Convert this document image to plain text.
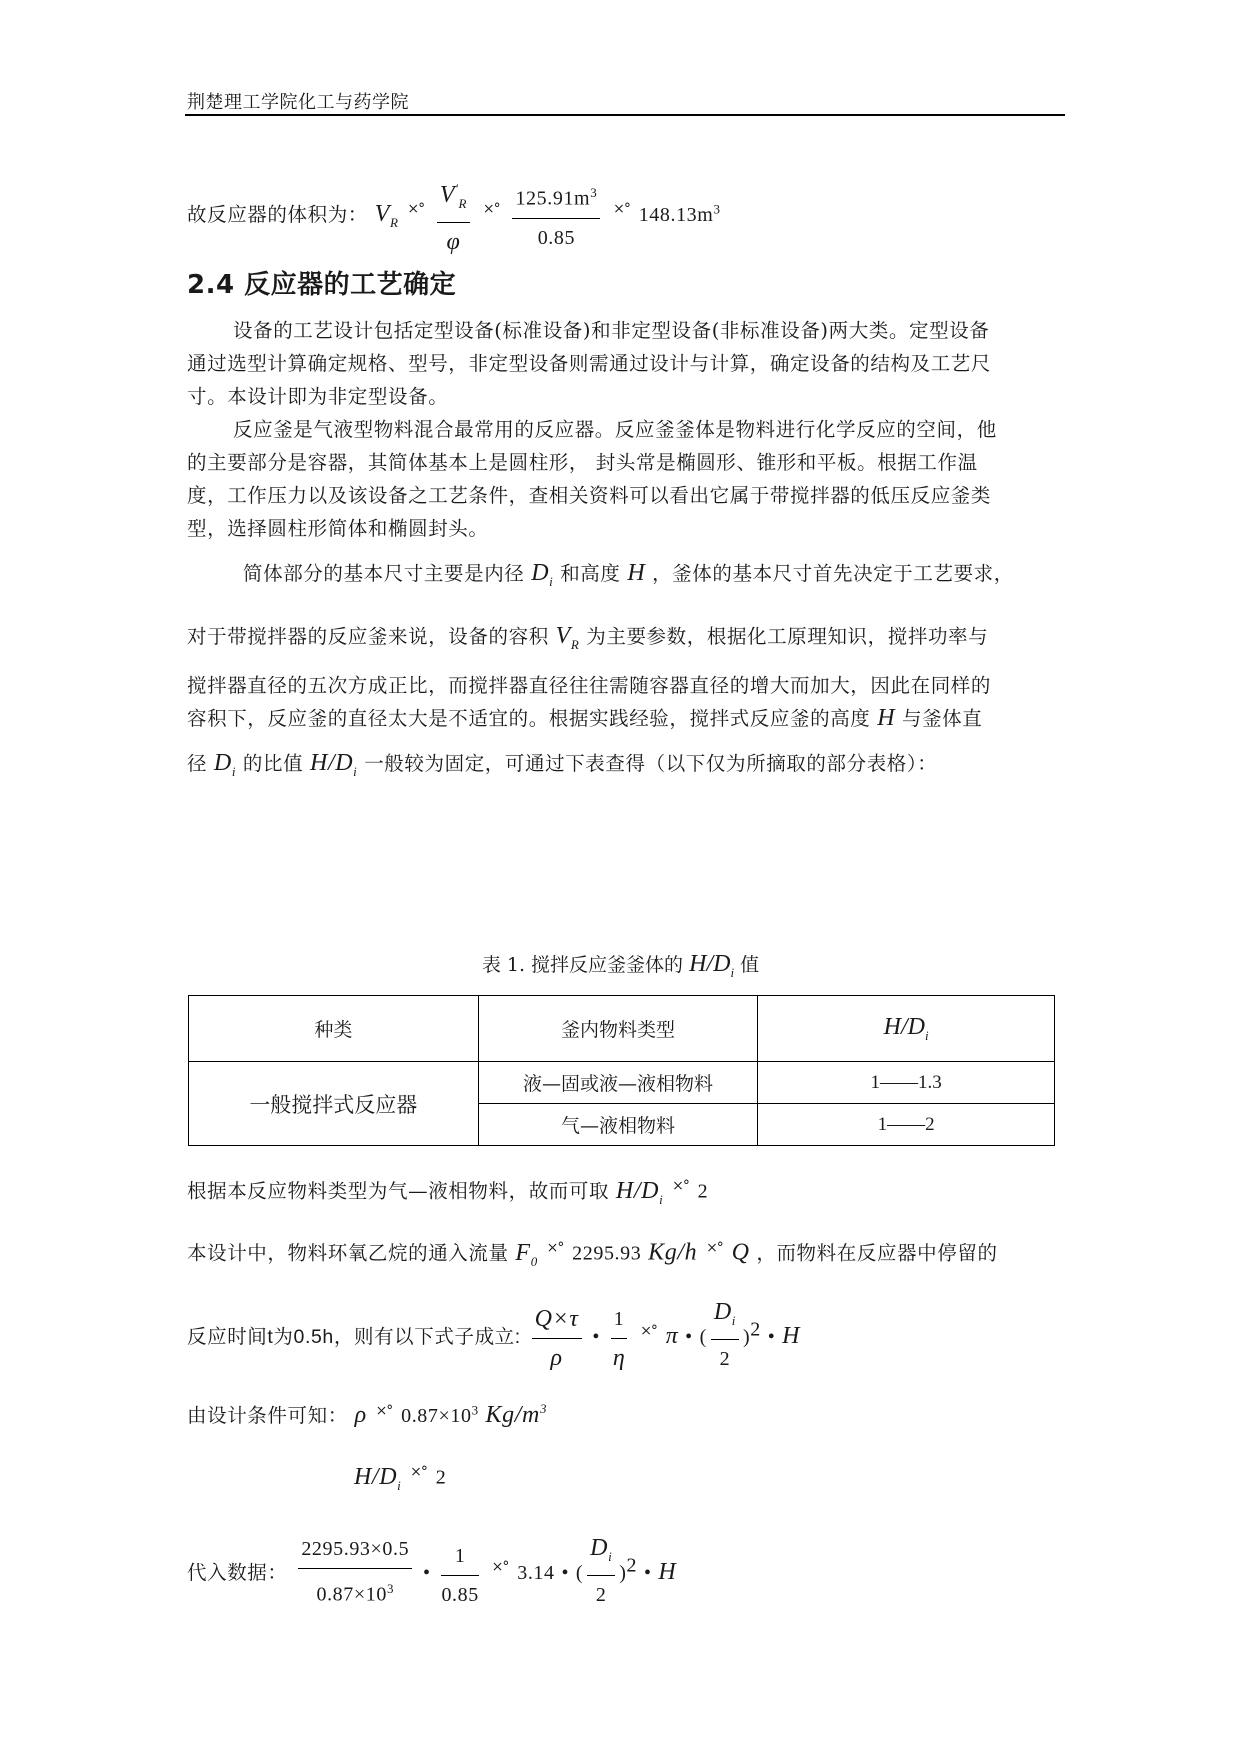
荆楚理工学院化工与药学院
故反应器的体积为： $V_R$ $^{\times^\circ} \frac{V'_R}{\varphi} ^{\times^\circ} \frac{125.91m^3}{0.85} ^{\times^\circ}$ $148.13m^3$
2.4 反应器的工艺确定
设备的工艺设计包括定型设备(标准设备)和非定型设备(非标准设备)两大类。定型设备
通过选型计算确定规格、型号，非定型设备则需通过设计与计算，确定设备的结构及工艺尺
寸。本设计即为非定型设备。
反应釜是气液型物料混合最常用的反应器。反应釜釜体是物料进行化学反应的空间，他
的主要部分是容器，其简体基本上是圆柱形， 封头常是椭圆形、锥形和平板。根据工作温
度，工作压力以及该设备之工艺条件，查相关资料可以看出它属于带搅拌器的低压反应釜类
型，选择圆柱形简体和椭圆封头。
简体部分的基本尺寸主要是内径 $D_i$ 和高度 H ，釜体的基本尺寸首先决定于工艺要求，
对于带搅拌器的反应釜来说，设备的容积 $V_R$ 为主要参数，根据化工原理知识，搅拌功率与
搅拌器直径的五次方成正比，而搅拌器直径往往需随容器直径的增大而加大，因此在同样的
容积下，反应釜的直径太大是不适宜的。根据实践经验，搅拌式反应釜的高度 H 与釜体直
径 $D_i$ 的比值 $H/D_i$ 一般较为固定，可通过下表查得（以下仅为所摘取的部分表格）：
表 1. 搅拌反应釜釜体的 $H/D_i$ 值
种类	釜内物料类型	$H/D_i$
一般搅拌式反应器	液—固或液—液相物料	1——1.3
	气—液相物料	1——2
根据本反应物料类型为气—液相物料，故而可取 $H/D_i$ ×° 2
本设计中，物料环氧乙烷的通入流量 $F_0$ ×° 2295.93 Kg/h ×° Q ，而物料在反应器中停留的
反应时间t为0.5h，则有以下式子成立: $\frac{Q\times\tau}{\rho}$ • $\frac{1}{\eta} ^{\times^\circ}$ π • ( $\frac{D_i}{2} )^2$ • H
由设计条件可知： ρ ×° $0.87\times 10^3$ $Kg/m^3$
$H/D_i$ ×° 2
代入数据： $\frac{2295.93\times 0.5}{0.87\times 10^3}$ • $\frac{1}{0.85} ^{\times^\circ}$ 3.14 • ( $\frac{D_i}{2} )^2$ • H
